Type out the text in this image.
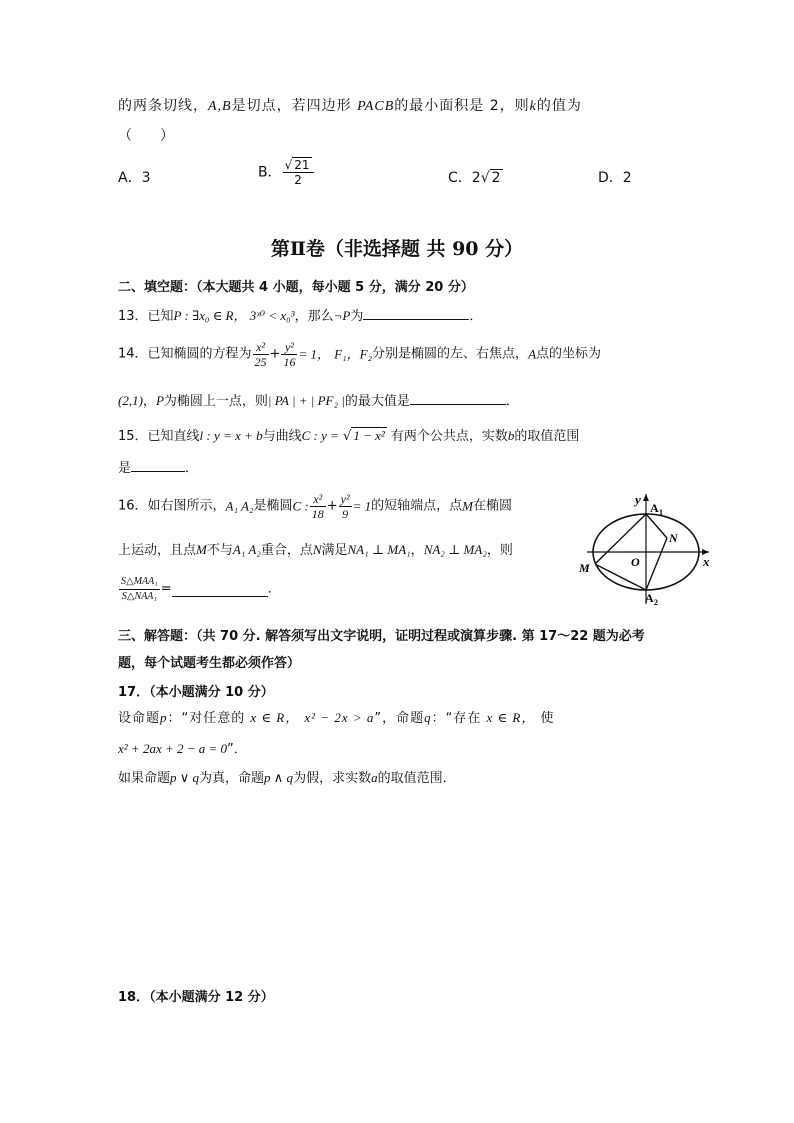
的两条切线，A,B是切点，若四边形 PACB的最小面积是 2，则k的值为
（　　）
A．3	B． $\frac{√ 21}{2}$	C．2√ 2	D．2
第Ⅱ卷（非选择题 共 90 分）
二、填空题：（本大题共 4 小题，每小题 5 分，满分 20 分）
13．已知P : ∃x₀ ∈ R， 3ˣ⁰ < x₀³，那么¬P为	．
14．已知椭圆的方程为 $\frac{\text{x²}}{25} + \frac{\text{y²}}{16} = 1$， F₁，F₂分别是椭圆的左、右焦点，A点的坐标为
(2,1)，P为椭圆上一点，则| PA | + | PF₂ |的最大值是	．
15．已知直线l : y = x + b与曲线C : y = √ 1 − x² 有两个公共点，实数b的取值范围
是	．
16．如右图所示，A₁ A₂是椭圆C : $\frac{\text{x²}}{18} + \frac{\text{y²}}{9} = 1$的短轴端点，点M在椭圆
上运动，且点M不与A₁ A₂重合，点N满足NA₁ ⊥ MA₁，NA₂ ⊥ MA₂，则
$\frac{\text{S△MAA₁}}{\text{S△NAA₁}}$ =	．
y
x
A 1
A 2
N
M	O
三、解答题：（共 70 分. 解答须写出文字说明，证明过程或演算步骤. 第 17～22 题为必考
题，每个试题考生都必须作答）
17．（本小题满分 10 分）
设命题p：“对任意的 x ∈ R， x² − 2x > a”，命题q：“存在 x ∈ R， 使
x² + 2ax + 2 − a = 0”．
如果命题p ∨ q为真，命题p ∧ q为假，求实数a的取值范围．
18．（本小题满分 12 分）
